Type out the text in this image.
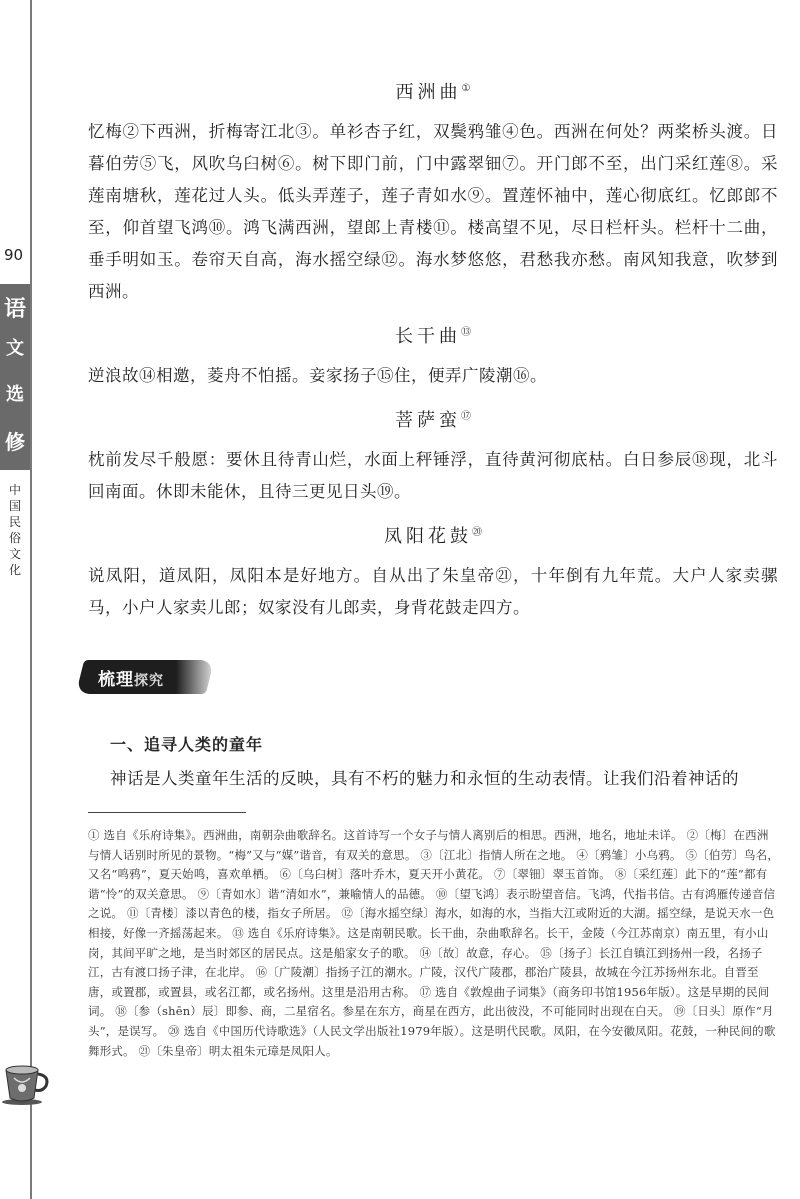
90
语
文
选
修
中国民俗文化
西洲曲①

忆梅②下西洲，折梅寄江北③。单衫杏子红，双鬓鸦雏④色。西洲在何处？两桨桥头渡。日暮伯劳⑤飞，风吹乌臼树⑥。树下即门前，门中露翠钿⑦。开门郎不至，出门采红莲⑧。采莲南塘秋，莲花过人头。低头弄莲子，莲子青如水⑨。置莲怀袖中，莲心彻底红。忆郎郎不至，仰首望飞鸿⑩。鸿飞满西洲，望郎上青楼⑪。楼高望不见，尽日栏杆头。栏杆十二曲，垂手明如玉。卷帘天自高，海水摇空绿⑫。海水梦悠悠，君愁我亦愁。南风知我意，吹梦到西洲。

长干曲⑬

逆浪故⑭相邀，菱舟不怕摇。妾家扬子⑮住，便弄广陵潮⑯。

菩萨蛮⑰

枕前发尽千般愿：要休且待青山烂，水面上秤锤浮，直待黄河彻底枯。白日参辰⑱现，北斗回南面。休即未能休，且待三更见日头⑲。

凤阳花鼓⑳

说凤阳，道凤阳，凤阳本是好地方。自从出了朱皇帝㉑，十年倒有九年荒。大户人家卖骡马，小户人家卖儿郎；奴家没有儿郎卖，身背花鼓走四方。

梳理探究
一、追寻人类的童年

神话是人类童年生活的反映，具有不朽的魅力和永恒的生动表情。让我们沿着神话的

① 选自《乐府诗集》。西洲曲，南朝杂曲歌辞名。这首诗写一个女子与情人离别后的相思。西洲，地名，地址未详。 ②〔梅〕在西洲与情人话别时所见的景物。“梅”又与“媒”谐音，有双关的意思。 ③〔江北〕指情人所在之地。 ④〔鸦雏〕小乌鸦。 ⑤〔伯劳〕鸟名，又名“鸣鸦”，夏天始鸣，喜欢单栖。 ⑥〔乌臼树〕落叶乔木，夏天开小黄花。 ⑦〔翠钿〕翠玉首饰。 ⑧〔采红莲〕此下的“莲”都有谐“怜”的双关意思。 ⑨〔青如水〕谐“清如水”，兼喻情人的品德。 ⑩〔望飞鸿〕表示盼望音信。飞鸿，代指书信。古有鸿雁传递音信之说。 ⑪〔青楼〕漆以青色的楼，指女子所居。 ⑫〔海水摇空绿〕海水，如海的水，当指大江或附近的大湖。摇空绿，是说天水一色相接，好像一齐摇荡起来。 ⑬ 选自《乐府诗集》。这是南朝民歌。长干曲，杂曲歌辞名。长干，金陵（今江苏南京）南五里，有小山岗，其间平旷之地，是当时郊区的居民点。这是船家女子的歌。 ⑭〔故〕故意，存心。 ⑮〔扬子〕长江自镇江到扬州一段，名扬子江，古有渡口扬子津，在北岸。 ⑯〔广陵潮〕指扬子江的潮水。广陵，汉代广陵郡，郡治广陵县，故城在今江苏扬州东北。自晋至唐，或置郡，或置县，或名江都，或名扬州。这里是沿用古称。 ⑰ 选自《敦煌曲子词集》（商务印书馆1956年版）。这是早期的民间词。 ⑱〔参（shēn）辰〕即参、商，二星宿名。参星在东方，商星在西方，此出彼没，不可能同时出现在白天。 ⑲〔日头〕原作“月头”，是误写。 ⑳ 选自《中国历代诗歌选》（人民文学出版社1979年版）。这是明代民歌。凤阳，在今安徽凤阳。花鼓，一种民间的歌舞形式。 ㉑〔朱皇帝〕明太祖朱元璋是凤阳人。
